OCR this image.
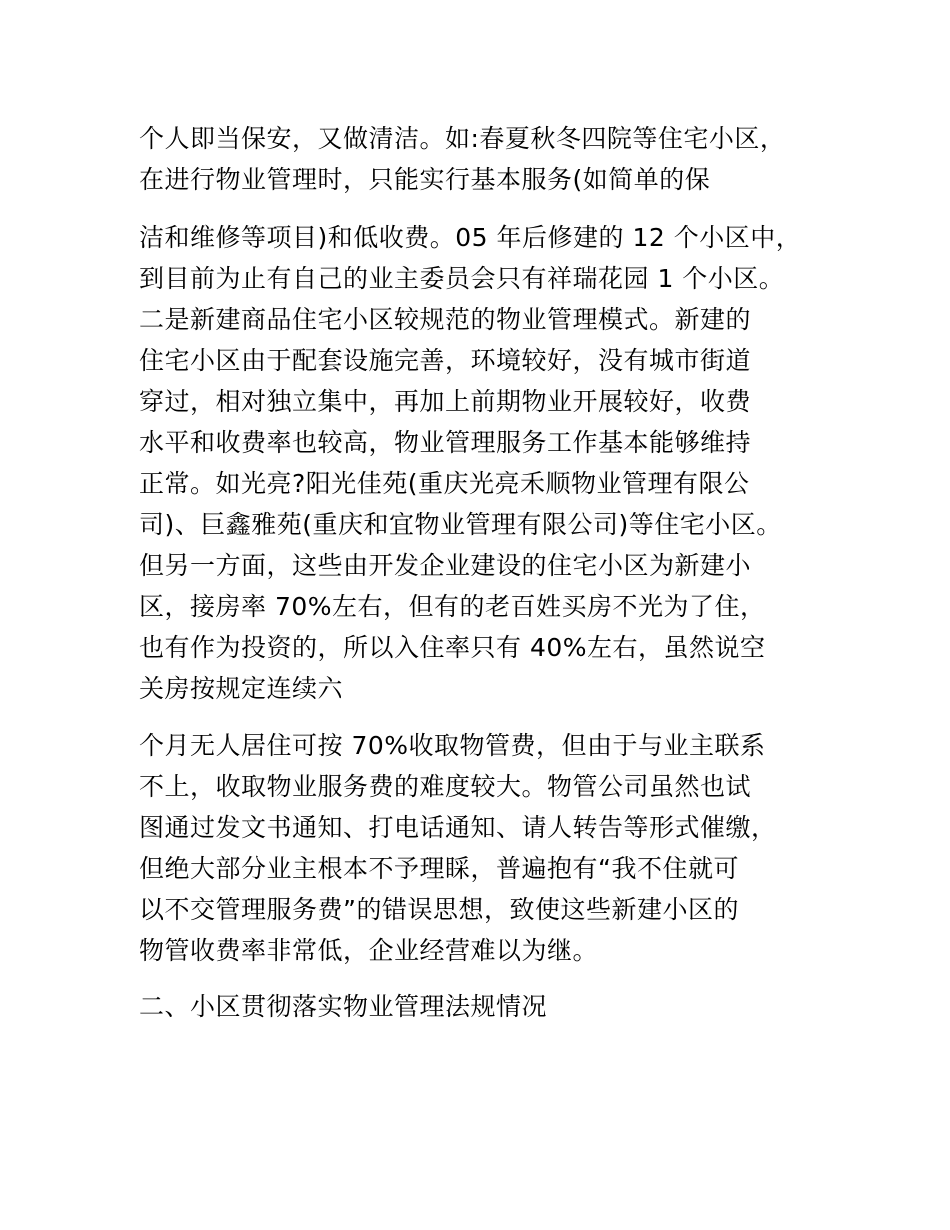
个人即当保安，又做清洁。如:春夏秋冬四院等住宅小区，
在进行物业管理时，只能实行基本服务(如简单的保
洁和维修等项目)和低收费。05 年后修建的 12 个小区中，
到目前为止有自己的业主委员会只有祥瑞花园 1 个小区。
二是新建商品住宅小区较规范的物业管理模式。新建的
住宅小区由于配套设施完善，环境较好，没有城市街道
穿过，相对独立集中，再加上前期物业开展较好，收费
水平和收费率也较高，物业管理服务工作基本能够维持
正常。如光亮?阳光佳苑(重庆光亮禾顺物业管理有限公
司)、巨鑫雅苑(重庆和宜物业管理有限公司)等住宅小区。
但另一方面，这些由开发企业建设的住宅小区为新建小
区，接房率 70%左右，但有的老百姓买房不光为了住，
也有作为投资的，所以入住率只有 40%左右，虽然说空
关房按规定连续六
个月无人居住可按 70%收取物管费，但由于与业主联系
不上，收取物业服务费的难度较大。物管公司虽然也试
图通过发文书通知、打电话通知、请人转告等形式催缴，
但绝大部分业主根本不予理睬，普遍抱有“我不住就可
以不交管理服务费”的错误思想，致使这些新建小区的
物管收费率非常低，企业经营难以为继。
二、小区贯彻落实物业管理法规情况
